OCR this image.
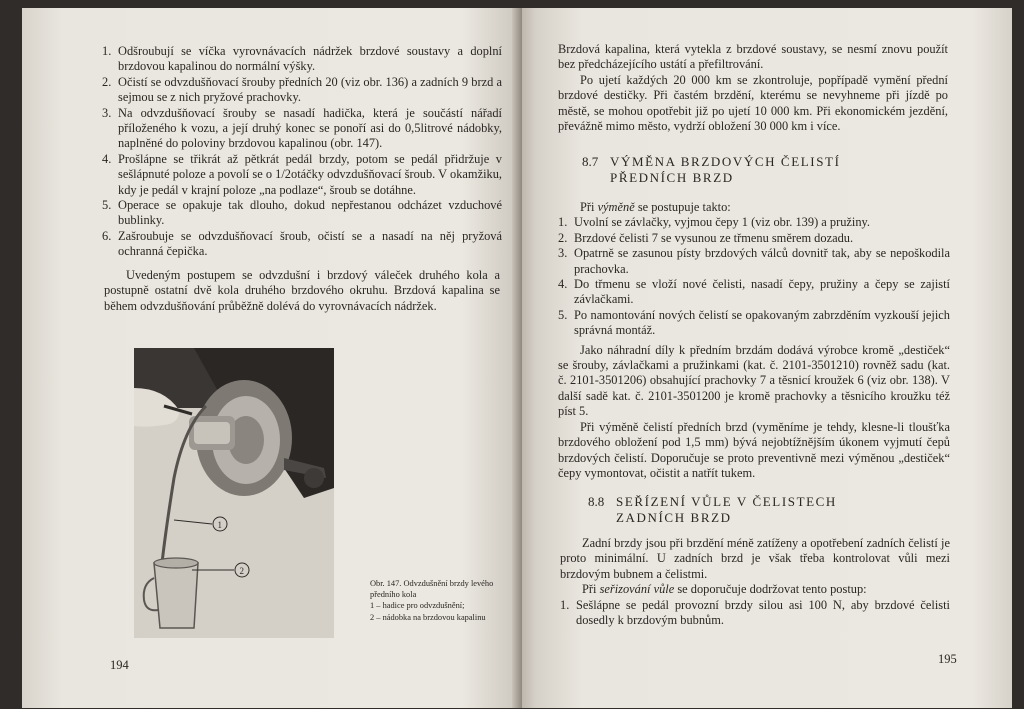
1. Odšroubují se víčka vyrovnávacích nádržek brzdové soustavy a doplní brzdovou kapalinou do normální výšky.
2. Očistí se odvzdušňovací šrouby předních 20 (viz obr. 136) a zadních 9 brzd a sejmou se z nich pryžové prachovky.
3. Na odvzdušňovací šrouby se nasadí hadička, která je součástí nářadí příloženého k vozu, a její druhý konec se ponoří asi do 0,5litrové nádobky, naplněné do poloviny brzdovou kapalinou (obr. 147).
4. Prošlápne se třikrát až pětkrát pedál brzdy, potom se pedál přidržuje v sešlápnuté poloze a povolí se o 1/2otáčky odvzdušňovací šroub. V okamžiku, kdy je pedál v krajní poloze „na podlaze“, šroub se dotáhne.
5. Operace se opakuje tak dlouho, dokud nepřestanou odcházet vzduchové bublinky.
6. Zašroubuje se odvzdušňovací šroub, očistí se a nasadí na něj pryžová ochranná čepička.

Uvedeným postupem se odvzdušní i brzdový váleček druhého kola a postupně ostatní dvě kola druhého brzdového okruhu. Brzdová kapalina se během odvzdušňování průběžně dolévá do vyrovnávacích nádržek.

1
2
Obr. 147. Odvzdušnění brzdy levého předního kola
1 – hadice pro odvzdušnění;
2 – nádobka na brzdovou kapalinu
194

Brzdová kapalina, která vytekla z brzdové soustavy, se nesmí znovu použít bez předcházejícího ustátí a přefiltrování.

Po ujetí každých 20 000 km se zkontroluje, popřípadě vymění přední brzdové destičky. Při častém brzdění, kterému se nevyhneme při jízdě po městě, se mohou opotřebit již po ujetí 10 000 km. Při ekonomickém jezdění, převážně mimo město, vydrží obložení 30 000 km i více.

8.7 VÝMĚNA BRZDOVÝCH ČELISTÍ
PŘEDNÍCH BRZD

Při výměně se postupuje takto:

1. Uvolní se závlačky, vyjmou čepy 1 (viz obr. 139) a pružiny.
2. Brzdové čelisti 7 se vysunou ze třmenu směrem dozadu.
3. Opatrně se zasunou písty brzdových válců dovnitř tak, aby se nepoškodila prachovka.
4. Do třmenu se vloží nové čelisti, nasadí čepy, pružiny a čepy se zajistí závlačkami.
5. Po namontování nových čelistí se opakovaným zabrzděním vyzkouší jejich správná montáž.

Jako náhradní díly k předním brzdám dodává výrobce kromě „destiček“ se šrouby, závlačkami a pružinkami (kat. č. 2101-3501210) rovněž sadu (kat. č. 2101-3501206) obsahující prachovky 7 a těsnicí kroužek 6 (viz obr. 138). V další sadě kat. č. 2101-3501200 je kromě prachovky a těsnicího kroužku též píst 5.

Při výměně čelistí předních brzd (vyměníme je tehdy, klesne-li tloušťka brzdového obložení pod 1,5 mm) bývá nejobtížnějším úkonem vyjmutí čepů brzdových čelistí. Doporučuje se proto preventivně mezi výměnou „destiček“ čepy vymontovat, očistit a natřít tukem.

8.8 SEŘÍZENÍ VŮLE V ČELISTECH
ZADNÍCH BRZD

Zadní brzdy jsou při brzdění méně zatíženy a opotřebení zadních čelistí je proto minimální. U zadních brzd je však třeba kontrolovat vůli mezi brzdovým bubnem a čelistmi.

Při seřizování vůle se doporučuje dodržovat tento postup:

1. Sešlápne se pedál provozní brzdy silou asi 100 N, aby brzdové čelisti dosedly k brzdovým bubnům.
195
